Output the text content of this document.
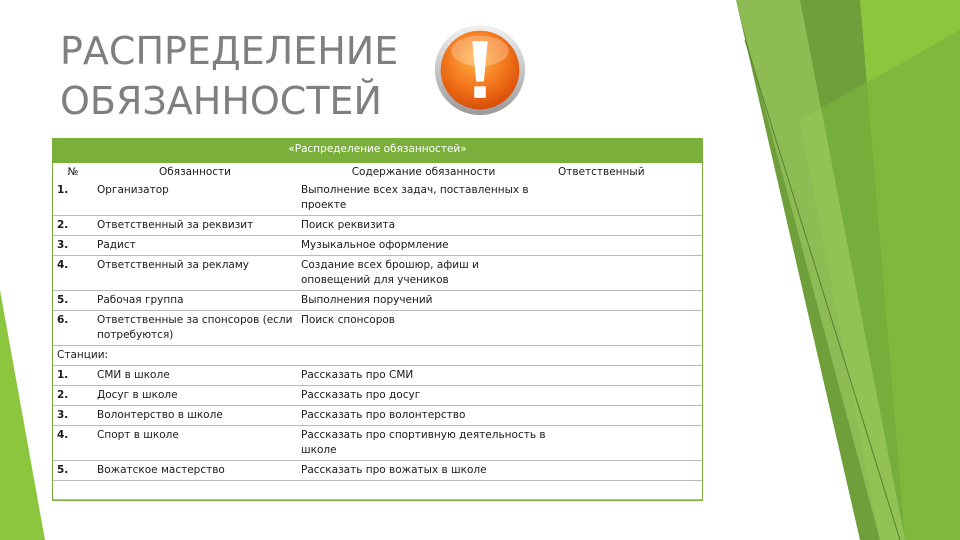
РАСПРЕДЕЛЕНИЕ
ОБЯЗАННОСТЕЙ
«Распределение обязанностей»			
№	Обязанности	Содержание обязанности	Ответственный
1.	Организатор	Выполнение всех задач, поставленных в проекте	
2.	Ответственный за реквизит	Поиск реквизита	
3.	Радист	Музыкальное оформление	
4.	Ответственный за рекламу	Создание всех брошюр, афиш и оповещений для учеников	
5.	Рабочая группа	Выполнения поручений	
6.	Ответственные за спонсоров (если потребуются)	Поиск спонсоров	
Станции:			
1.	СМИ в школе	Рассказать про СМИ	
2.	Досуг в школе	Рассказать про досуг	
3.	Волонтерство в школе	Рассказать про волонтерство	
4.	Спорт в школе	Рассказать про спортивную деятельность в школе	
5.	Вожатское мастерство	Рассказать про вожатых в школе	
